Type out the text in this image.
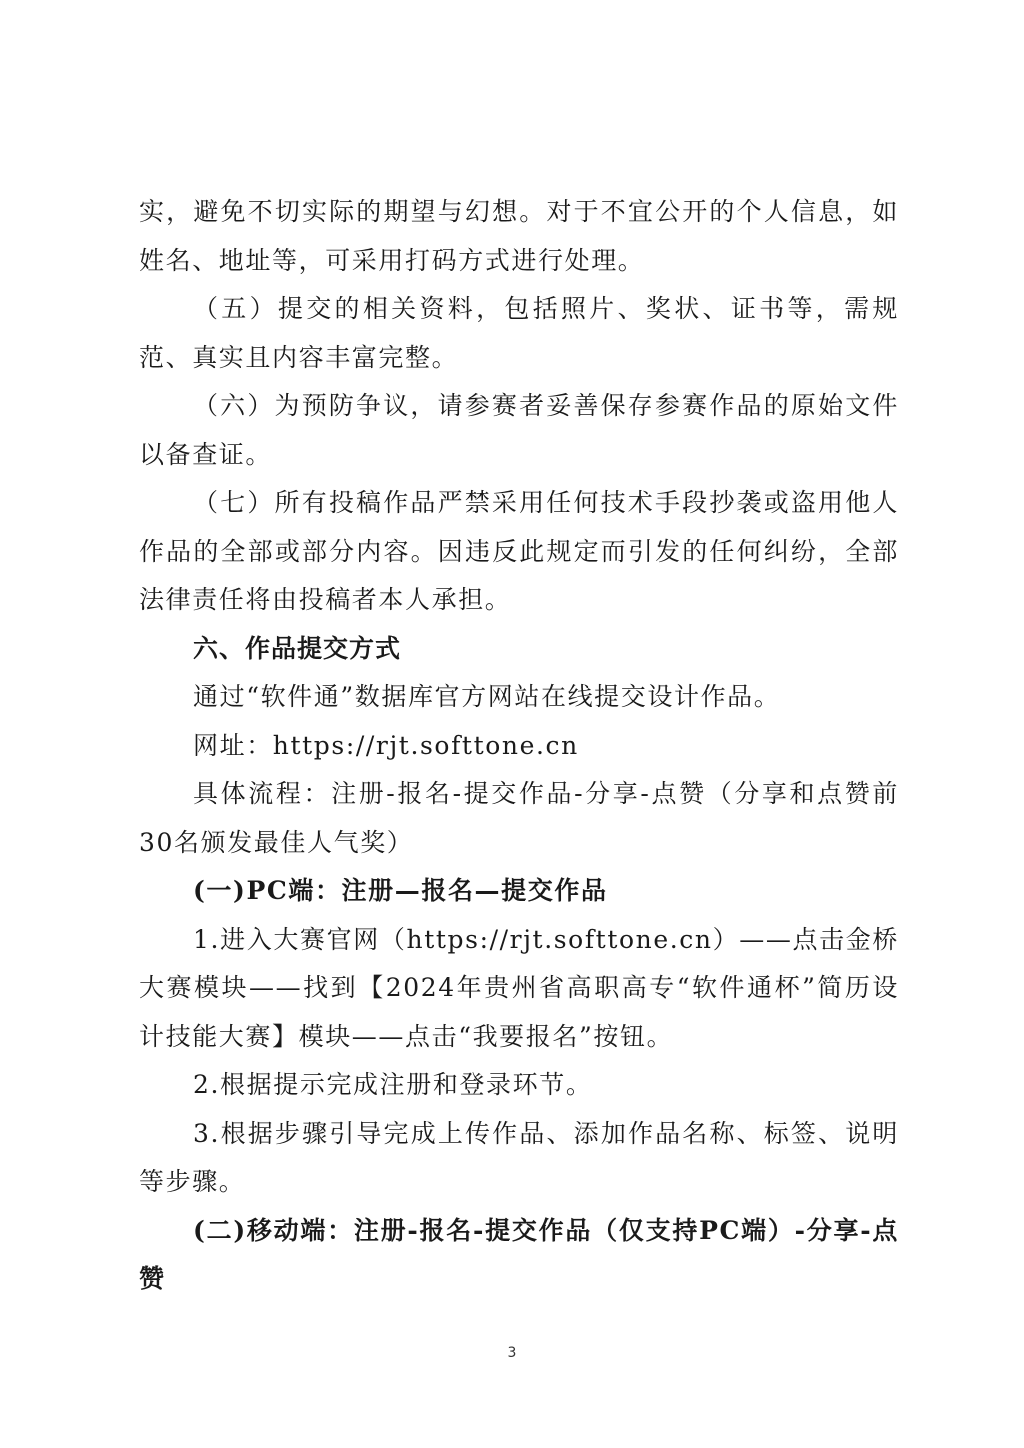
实，避免不切实际的期望与幻想。对于不宜公开的个人信息，如姓名、地址等，可采用打码方式进行处理。

（五）提交的相关资料，包括照片、奖状、证书等，需规范、真实且内容丰富完整。

（六）为预防争议，请参赛者妥善保存参赛作品的原始文件以备查证。

（七）所有投稿作品严禁采用任何技术手段抄袭或盗用他人作品的全部或部分内容。因违反此规定而引发的任何纠纷，全部法律责任将由投稿者本人承担。

六、作品提交方式

通过“软件通”数据库官方网站在线提交设计作品。

网址：https://rjt.softtone.cn

具体流程：注册-报名-提交作品-分享-点赞（分享和点赞前30名颁发最佳人气奖）

(一)PC端：注册—报名—提交作品

1.进入大赛官网（https://rjt.softtone.cn）——点击金桥大赛模块——找到【2024年贵州省高职高专“软件通杯”简历设计技能大赛】模块——点击“我要报名”按钮。

2.根据提示完成注册和登录环节。

3.根据步骤引导完成上传作品、添加作品名称、标签、说明等步骤。

(二)移动端：注册-报名-提交作品（仅支持PC端）-分享-点赞

3
